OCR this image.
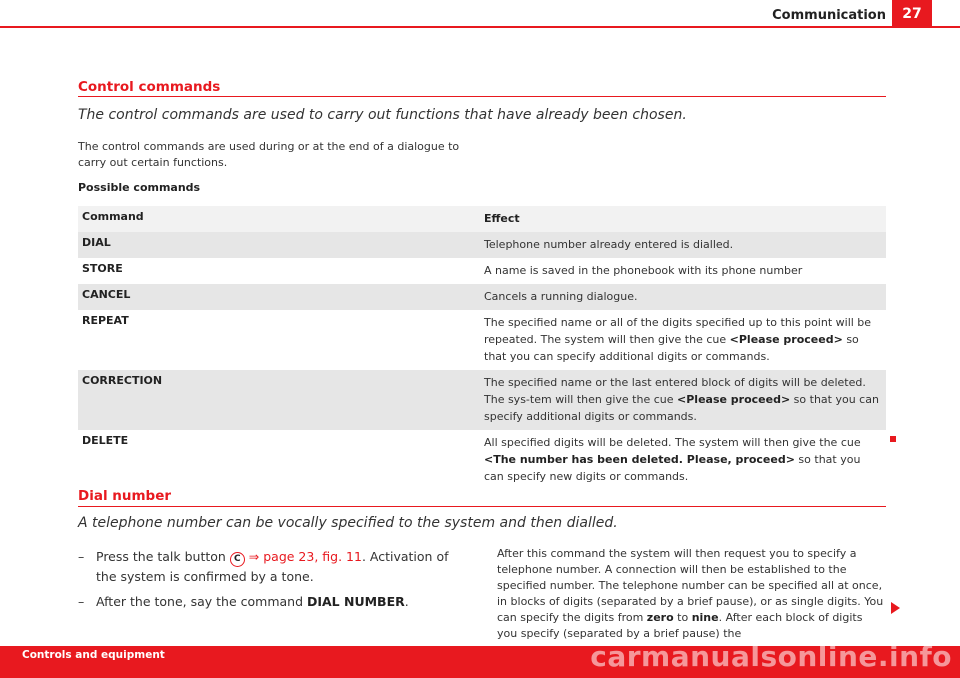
Communication	27
Control commands
The control commands are used to carry out functions that have already been chosen.
The control commands are used during or at the end of a dialogue to carry out certain functions.
Possible commands
Command	Effect
DIAL	Telephone number already entered is dialled.
STORE	A name is saved in the phonebook with its phone number
CANCEL	Cancels a running dialogue.
REPEAT	The specified name or all of the digits specified up to this point will be repeated. The system will then give the cue <Please proceed> so that you can specify additional digits or commands.
CORRECTION	The specified name or the last entered block of digits will be deleted. The sys-tem will then give the cue <Please proceed> so that you can specify additional digits or commands.
DELETE	All specified digits will be deleted. The system will then give the cue <The number has been deleted. Please, proceed> so that you can specify new digits or commands.
Dial number
A telephone number can be vocally specified to the system and then dialled.
– Press the talk button C ⇒ page 23, fig. 11. Activation of the system is confirmed by a tone.
– After the tone, say the command DIAL NUMBER.
After this command the system will then request you to specify a telephone number. A connection will then be established to the specified number. The telephone number can be specified all at once, in blocks of digits (separated by a brief pause), or as single digits. You can specify the digits from zero to nine. After each block of digits you specify (separated by a brief pause) the
Controls and equipment	carmanualsonline.info
